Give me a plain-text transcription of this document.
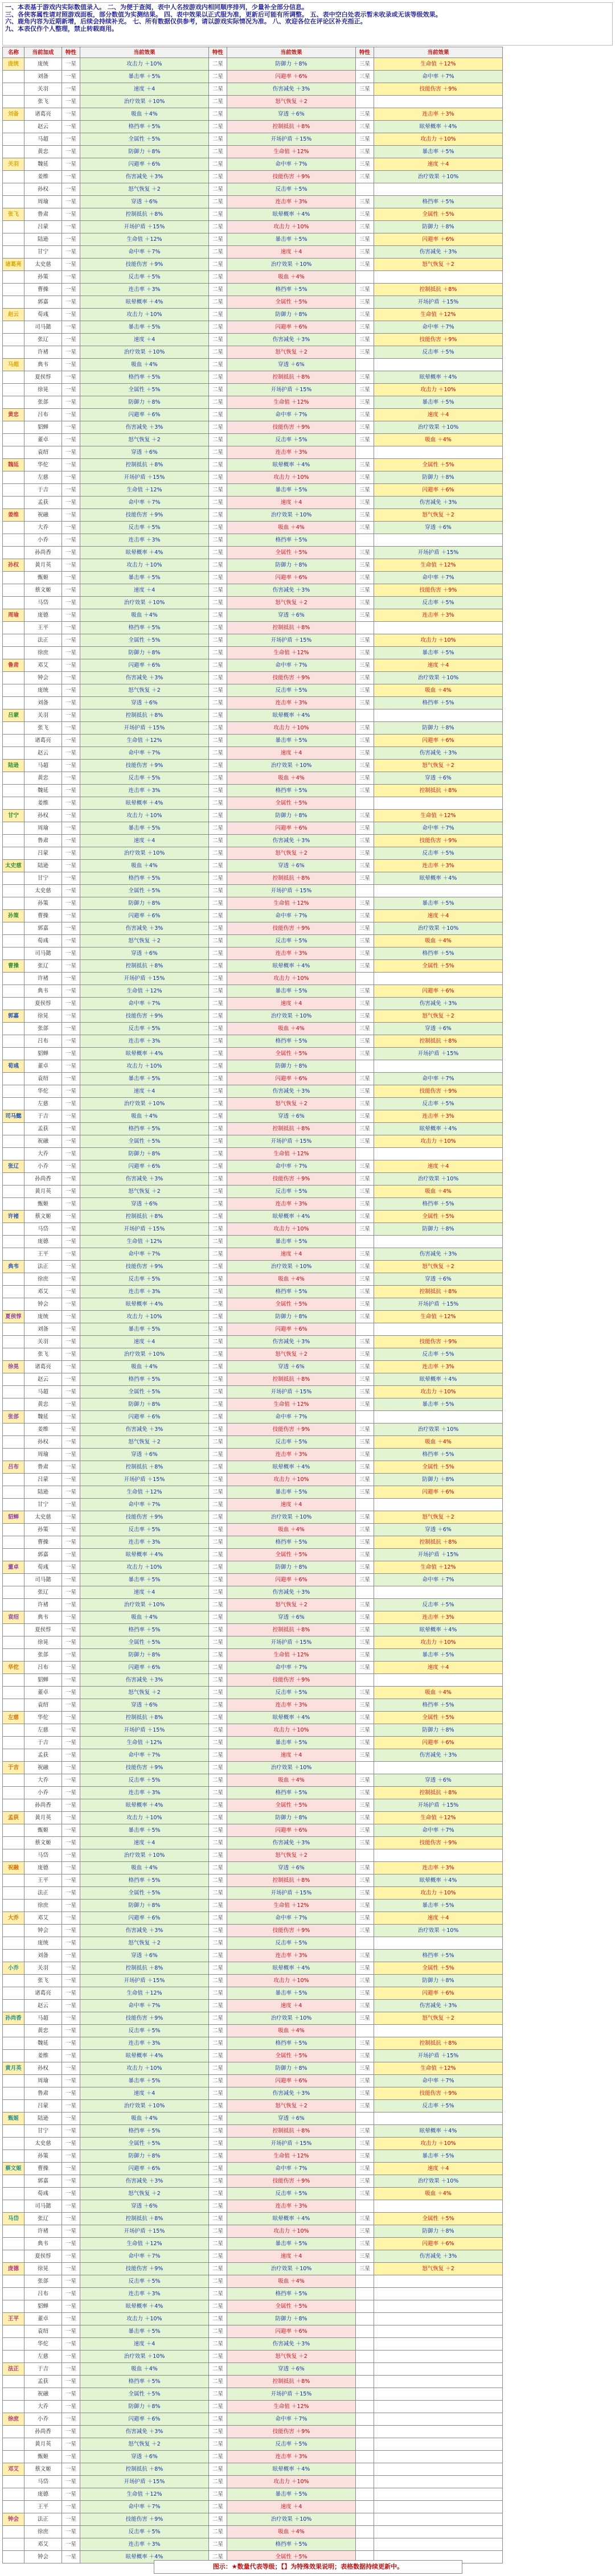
一、本表基于游戏内实际数值录入。 二、为便于查阅，表中人名按游戏内相同顺序排列，少量补全部分信息。
三、各侠客属性请对照游戏面板，部分数值为实测结果。 四、表中效果以正式服为准，更新后可能有所调整。 五、表中空白处表示暂未收录或无该等级效果。
六、鹿角内容为近期新增，后续会持续补充。 七、所有数据仅供参考，请以游戏实际情况为准。 八、欢迎各位在评论区补充指正。
九、本表仅作个人整理，禁止转载商用。
名称	当前加成	特性	当前效果	特性	当前效果	特性	当前效果	
庞统	庞统	一星	攻击力 ＋10%	二星	防御力 ＋8%	三星	生命值 ＋12%	
	刘备	一星	暴击率 ＋5%	二星	闪避率 ＋6%	三星	命中率 ＋7%	
	关羽	一星	速度 ＋4	二星	伤害减免 ＋3%	三星	技能伤害 ＋9%	
	张飞	一星	治疗效果 ＋10%	二星	怒气恢复 ＋2			
刘备	诸葛亮	一星	吸血 ＋4%	二星	穿透 ＋6%	三星	连击率 ＋3%	
	赵云	一星	格挡率 ＋5%	二星	控制抵抗 ＋8%	三星	眩晕概率 ＋4%	
	马超	一星	全属性 ＋5%	二星	开场护盾 ＋15%	三星	攻击力 ＋10%	
	黄忠	一星	防御力 ＋8%	二星	生命值 ＋12%	三星	暴击率 ＋5%	
关羽	魏延	一星	闪避率 ＋6%	二星	命中率 ＋7%	三星	速度 ＋4	
	姜维	一星	伤害减免 ＋3%	二星	技能伤害 ＋9%	三星	治疗效果 ＋10%	
	孙权	一星	怒气恢复 ＋2	二星	反击率 ＋5%			
	周瑜	一星	穿透 ＋6%	二星	连击率 ＋3%	三星	格挡率 ＋5%	
张飞	鲁肃	一星	控制抵抗 ＋8%	二星	眩晕概率 ＋4%	三星	全属性 ＋5%	
	吕蒙	一星	开场护盾 ＋15%	二星	攻击力 ＋10%	三星	防御力 ＋8%	
	陆逊	一星	生命值 ＋12%	二星	暴击率 ＋5%	三星	闪避率 ＋6%	
	甘宁	一星	命中率 ＋7%	二星	速度 ＋4	三星	伤害减免 ＋3%	
诸葛亮	太史慈	一星	技能伤害 ＋9%	二星	治疗效果 ＋10%	三星	怒气恢复 ＋2	
	孙策	一星	反击率 ＋5%	二星	吸血 ＋4%			
	曹操	一星	连击率 ＋3%	二星	格挡率 ＋5%	三星	控制抵抗 ＋8%	
	郭嘉	一星	眩晕概率 ＋4%	二星	全属性 ＋5%	三星	开场护盾 ＋15%	
赵云	荀彧	一星	攻击力 ＋10%	二星	防御力 ＋8%	三星	生命值 ＋12%	
	司马懿	一星	暴击率 ＋5%	二星	闪避率 ＋6%	三星	命中率 ＋7%	
	张辽	一星	速度 ＋4	二星	伤害减免 ＋3%	三星	技能伤害 ＋9%	
	许褚	一星	治疗效果 ＋10%	二星	怒气恢复 ＋2	三星	反击率 ＋5%	
马超	典韦	一星	吸血 ＋4%	二星	穿透 ＋6%			
	夏侯惇	一星	格挡率 ＋5%	二星	控制抵抗 ＋8%	三星	眩晕概率 ＋4%	
	徐晃	一星	全属性 ＋5%	二星	开场护盾 ＋15%	三星	攻击力 ＋10%	
	张郃	一星	防御力 ＋8%	二星	生命值 ＋12%	三星	暴击率 ＋5%	
黄忠	吕布	一星	闪避率 ＋6%	二星	命中率 ＋7%	三星	速度 ＋4	
	貂蝉	一星	伤害减免 ＋3%	二星	技能伤害 ＋9%	三星	治疗效果 ＋10%	
	董卓	一星	怒气恢复 ＋2	二星	反击率 ＋5%	三星	吸血 ＋4%	
	袁绍	一星	穿透 ＋6%	二星	连击率 ＋3%			
魏延	华佗	一星	控制抵抗 ＋8%	二星	眩晕概率 ＋4%	三星	全属性 ＋5%	
	左慈	一星	开场护盾 ＋15%	二星	攻击力 ＋10%	三星	防御力 ＋8%	
	于吉	一星	生命值 ＋12%	二星	暴击率 ＋5%	三星	闪避率 ＋6%	
	孟获	一星	命中率 ＋7%	二星	速度 ＋4	三星	伤害减免 ＋3%	
姜维	祝融	一星	技能伤害 ＋9%	二星	治疗效果 ＋10%	三星	怒气恢复 ＋2	
	大乔	一星	反击率 ＋5%	二星	吸血 ＋4%	三星	穿透 ＋6%	
	小乔	一星	连击率 ＋3%	二星	格挡率 ＋5%			
	孙尚香	一星	眩晕概率 ＋4%	二星	全属性 ＋5%	三星	开场护盾 ＋15%	
孙权	黄月英	一星	攻击力 ＋10%	二星	防御力 ＋8%	三星	生命值 ＋12%	
	甄姬	一星	暴击率 ＋5%	二星	闪避率 ＋6%	三星	命中率 ＋7%	
	蔡文姬	一星	速度 ＋4	二星	伤害减免 ＋3%	三星	技能伤害 ＋9%	
	马岱	一星	治疗效果 ＋10%	二星	怒气恢复 ＋2	三星	反击率 ＋5%	
周瑜	庞德	一星	吸血 ＋4%	二星	穿透 ＋6%	三星	连击率 ＋3%	
	王平	一星	格挡率 ＋5%	二星	控制抵抗 ＋8%			
	法正	一星	全属性 ＋5%	二星	开场护盾 ＋15%	三星	攻击力 ＋10%	
	徐庶	一星	防御力 ＋8%	二星	生命值 ＋12%	三星	暴击率 ＋5%	
鲁肃	邓艾	一星	闪避率 ＋6%	二星	命中率 ＋7%	三星	速度 ＋4	
	钟会	一星	伤害减免 ＋3%	二星	技能伤害 ＋9%	三星	治疗效果 ＋10%	
	庞统	一星	怒气恢复 ＋2	二星	反击率 ＋5%	三星	吸血 ＋4%	
	刘备	一星	穿透 ＋6%	二星	连击率 ＋3%	三星	格挡率 ＋5%	
吕蒙	关羽	一星	控制抵抗 ＋8%	二星	眩晕概率 ＋4%			
	张飞	一星	开场护盾 ＋15%	二星	攻击力 ＋10%	三星	防御力 ＋8%	
	诸葛亮	一星	生命值 ＋12%	二星	暴击率 ＋5%	三星	闪避率 ＋6%	
	赵云	一星	命中率 ＋7%	二星	速度 ＋4	三星	伤害减免 ＋3%	
陆逊	马超	一星	技能伤害 ＋9%	二星	治疗效果 ＋10%	三星	怒气恢复 ＋2	
	黄忠	一星	反击率 ＋5%	二星	吸血 ＋4%	三星	穿透 ＋6%	
	魏延	一星	连击率 ＋3%	二星	格挡率 ＋5%	三星	控制抵抗 ＋8%	
	姜维	一星	眩晕概率 ＋4%	二星	全属性 ＋5%			
甘宁	孙权	一星	攻击力 ＋10%	二星	防御力 ＋8%	三星	生命值 ＋12%	
	周瑜	一星	暴击率 ＋5%	二星	闪避率 ＋6%	三星	命中率 ＋7%	
	鲁肃	一星	速度 ＋4	二星	伤害减免 ＋3%	三星	技能伤害 ＋9%	
	吕蒙	一星	治疗效果 ＋10%	二星	怒气恢复 ＋2	三星	反击率 ＋5%	
太史慈	陆逊	一星	吸血 ＋4%	二星	穿透 ＋6%	三星	连击率 ＋3%	
	甘宁	一星	格挡率 ＋5%	二星	控制抵抗 ＋8%	三星	眩晕概率 ＋4%	
	太史慈	一星	全属性 ＋5%	二星	开场护盾 ＋15%			
	孙策	一星	防御力 ＋8%	二星	生命值 ＋12%	三星	暴击率 ＋5%	
孙策	曹操	一星	闪避率 ＋6%	二星	命中率 ＋7%	三星	速度 ＋4	
	郭嘉	一星	伤害减免 ＋3%	二星	技能伤害 ＋9%	三星	治疗效果 ＋10%	
	荀彧	一星	怒气恢复 ＋2	二星	反击率 ＋5%	三星	吸血 ＋4%	
	司马懿	一星	穿透 ＋6%	二星	连击率 ＋3%	三星	格挡率 ＋5%	
曹操	张辽	一星	控制抵抗 ＋8%	二星	眩晕概率 ＋4%	三星	全属性 ＋5%	
	许褚	一星	开场护盾 ＋15%	二星	攻击力 ＋10%			
	典韦	一星	生命值 ＋12%	二星	暴击率 ＋5%	三星	闪避率 ＋6%	
	夏侯惇	一星	命中率 ＋7%	二星	速度 ＋4	三星	伤害减免 ＋3%	
郭嘉	徐晃	一星	技能伤害 ＋9%	二星	治疗效果 ＋10%	三星	怒气恢复 ＋2	
	张郃	一星	反击率 ＋5%	二星	吸血 ＋4%	三星	穿透 ＋6%	
	吕布	一星	连击率 ＋3%	二星	格挡率 ＋5%	三星	控制抵抗 ＋8%	
	貂蝉	一星	眩晕概率 ＋4%	二星	全属性 ＋5%	三星	开场护盾 ＋15%	
荀彧	董卓	一星	攻击力 ＋10%	二星	防御力 ＋8%			
	袁绍	一星	暴击率 ＋5%	二星	闪避率 ＋6%	三星	命中率 ＋7%	
	华佗	一星	速度 ＋4	二星	伤害减免 ＋3%	三星	技能伤害 ＋9%	
	左慈	一星	治疗效果 ＋10%	二星	怒气恢复 ＋2	三星	反击率 ＋5%	
司马懿	于吉	一星	吸血 ＋4%	二星	穿透 ＋6%	三星	连击率 ＋3%	
	孟获	一星	格挡率 ＋5%	二星	控制抵抗 ＋8%	三星	眩晕概率 ＋4%	
	祝融	一星	全属性 ＋5%	二星	开场护盾 ＋15%	三星	攻击力 ＋10%	
	大乔	一星	防御力 ＋8%	二星	生命值 ＋12%			
张辽	小乔	一星	闪避率 ＋6%	二星	命中率 ＋7%	三星	速度 ＋4	
	孙尚香	一星	伤害减免 ＋3%	二星	技能伤害 ＋9%	三星	治疗效果 ＋10%	
	黄月英	一星	怒气恢复 ＋2	二星	反击率 ＋5%	三星	吸血 ＋4%	
	甄姬	一星	穿透 ＋6%	二星	连击率 ＋3%	三星	格挡率 ＋5%	
许褚	蔡文姬	一星	控制抵抗 ＋8%	二星	眩晕概率 ＋4%	三星	全属性 ＋5%	
	马岱	一星	开场护盾 ＋15%	二星	攻击力 ＋10%	三星	防御力 ＋8%	
	庞德	一星	生命值 ＋12%	二星	暴击率 ＋5%			
	王平	一星	命中率 ＋7%	二星	速度 ＋4	三星	伤害减免 ＋3%	
典韦	法正	一星	技能伤害 ＋9%	二星	治疗效果 ＋10%	三星	怒气恢复 ＋2	
	徐庶	一星	反击率 ＋5%	二星	吸血 ＋4%	三星	穿透 ＋6%	
	邓艾	一星	连击率 ＋3%	二星	格挡率 ＋5%	三星	控制抵抗 ＋8%	
	钟会	一星	眩晕概率 ＋4%	二星	全属性 ＋5%	三星	开场护盾 ＋15%	
夏侯惇	庞统	一星	攻击力 ＋10%	二星	防御力 ＋8%	三星	生命值 ＋12%	
	刘备	一星	暴击率 ＋5%	二星	闪避率 ＋6%			
	关羽	一星	速度 ＋4	二星	伤害减免 ＋3%	三星	技能伤害 ＋9%	
	张飞	一星	治疗效果 ＋10%	二星	怒气恢复 ＋2	三星	反击率 ＋5%	
徐晃	诸葛亮	一星	吸血 ＋4%	二星	穿透 ＋6%	三星	连击率 ＋3%	
	赵云	一星	格挡率 ＋5%	二星	控制抵抗 ＋8%	三星	眩晕概率 ＋4%	
	马超	一星	全属性 ＋5%	二星	开场护盾 ＋15%	三星	攻击力 ＋10%	
	黄忠	一星	防御力 ＋8%	二星	生命值 ＋12%	三星	暴击率 ＋5%	
张郃	魏延	一星	闪避率 ＋6%	二星	命中率 ＋7%			
	姜维	一星	伤害减免 ＋3%	二星	技能伤害 ＋9%	三星	治疗效果 ＋10%	
	孙权	一星	怒气恢复 ＋2	二星	反击率 ＋5%	三星	吸血 ＋4%	
	周瑜	一星	穿透 ＋6%	二星	连击率 ＋3%	三星	格挡率 ＋5%	
吕布	鲁肃	一星	控制抵抗 ＋8%	二星	眩晕概率 ＋4%	三星	全属性 ＋5%	
	吕蒙	一星	开场护盾 ＋15%	二星	攻击力 ＋10%	三星	防御力 ＋8%	
	陆逊	一星	生命值 ＋12%	二星	暴击率 ＋5%	三星	闪避率 ＋6%	
	甘宁	一星	命中率 ＋7%	二星	速度 ＋4			
貂蝉	太史慈	一星	技能伤害 ＋9%	二星	治疗效果 ＋10%	三星	怒气恢复 ＋2	
	孙策	一星	反击率 ＋5%	二星	吸血 ＋4%	三星	穿透 ＋6%	
	曹操	一星	连击率 ＋3%	二星	格挡率 ＋5%	三星	控制抵抗 ＋8%	
	郭嘉	一星	眩晕概率 ＋4%	二星	全属性 ＋5%	三星	开场护盾 ＋15%	
董卓	荀彧	一星	攻击力 ＋10%	二星	防御力 ＋8%	三星	生命值 ＋12%	
	司马懿	一星	暴击率 ＋5%	二星	闪避率 ＋6%	三星	命中率 ＋7%	
	张辽	一星	速度 ＋4	二星	伤害减免 ＋3%			
	许褚	一星	治疗效果 ＋10%	二星	怒气恢复 ＋2	三星	反击率 ＋5%	
袁绍	典韦	一星	吸血 ＋4%	二星	穿透 ＋6%	三星	连击率 ＋3%	
	夏侯惇	一星	格挡率 ＋5%	二星	控制抵抗 ＋8%	三星	眩晕概率 ＋4%	
	徐晃	一星	全属性 ＋5%	二星	开场护盾 ＋15%	三星	攻击力 ＋10%	
	张郃	一星	防御力 ＋8%	二星	生命值 ＋12%	三星	暴击率 ＋5%	
华佗	吕布	一星	闪避率 ＋6%	二星	命中率 ＋7%	三星	速度 ＋4	
	貂蝉	一星	伤害减免 ＋3%	二星	技能伤害 ＋9%			
	董卓	一星	怒气恢复 ＋2	二星	反击率 ＋5%	三星	吸血 ＋4%	
	袁绍	一星	穿透 ＋6%	二星	连击率 ＋3%	三星	格挡率 ＋5%	
左慈	华佗	一星	控制抵抗 ＋8%	二星	眩晕概率 ＋4%	三星	全属性 ＋5%	
	左慈	一星	开场护盾 ＋15%	二星	攻击力 ＋10%	三星	防御力 ＋8%	
	于吉	一星	生命值 ＋12%	二星	暴击率 ＋5%	三星	闪避率 ＋6%	
	孟获	一星	命中率 ＋7%	二星	速度 ＋4	三星	伤害减免 ＋3%	
于吉	祝融	一星	技能伤害 ＋9%	二星	治疗效果 ＋10%			
	大乔	一星	反击率 ＋5%	二星	吸血 ＋4%	三星	穿透 ＋6%	
	小乔	一星	连击率 ＋3%	二星	格挡率 ＋5%	三星	控制抵抗 ＋8%	
	孙尚香	一星	眩晕概率 ＋4%	二星	全属性 ＋5%	三星	开场护盾 ＋15%	
孟获	黄月英	一星	攻击力 ＋10%	二星	防御力 ＋8%	三星	生命值 ＋12%	
	甄姬	一星	暴击率 ＋5%	二星	闪避率 ＋6%	三星	命中率 ＋7%	
	蔡文姬	一星	速度 ＋4	二星	伤害减免 ＋3%	三星	技能伤害 ＋9%	
	马岱	一星	治疗效果 ＋10%	二星	怒气恢复 ＋2			
祝融	庞德	一星	吸血 ＋4%	二星	穿透 ＋6%	三星	连击率 ＋3%	
	王平	一星	格挡率 ＋5%	二星	控制抵抗 ＋8%	三星	眩晕概率 ＋4%	
	法正	一星	全属性 ＋5%	二星	开场护盾 ＋15%	三星	攻击力 ＋10%	
	徐庶	一星	防御力 ＋8%	二星	生命值 ＋12%	三星	暴击率 ＋5%	
大乔	邓艾	一星	闪避率 ＋6%	二星	命中率 ＋7%	三星	速度 ＋4	
	钟会	一星	伤害减免 ＋3%	二星	技能伤害 ＋9%	三星	治疗效果 ＋10%	
	庞统	一星	怒气恢复 ＋2	二星	反击率 ＋5%			
	刘备	一星	穿透 ＋6%	二星	连击率 ＋3%	三星	格挡率 ＋5%	
小乔	关羽	一星	控制抵抗 ＋8%	二星	眩晕概率 ＋4%	三星	全属性 ＋5%	
	张飞	一星	开场护盾 ＋15%	二星	攻击力 ＋10%	三星	防御力 ＋8%	
	诸葛亮	一星	生命值 ＋12%	二星	暴击率 ＋5%	三星	闪避率 ＋6%	
	赵云	一星	命中率 ＋7%	二星	速度 ＋4	三星	伤害减免 ＋3%	
孙尚香	马超	一星	技能伤害 ＋9%	二星	治疗效果 ＋10%	三星	怒气恢复 ＋2	
	黄忠	一星	反击率 ＋5%	二星	吸血 ＋4%			
	魏延	一星	连击率 ＋3%	二星	格挡率 ＋5%	三星	控制抵抗 ＋8%	
	姜维	一星	眩晕概率 ＋4%	二星	全属性 ＋5%	三星	开场护盾 ＋15%	
黄月英	孙权	一星	攻击力 ＋10%	二星	防御力 ＋8%	三星	生命值 ＋12%	
	周瑜	一星	暴击率 ＋5%	二星	闪避率 ＋6%	三星	命中率 ＋7%	
	鲁肃	一星	速度 ＋4	二星	伤害减免 ＋3%	三星	技能伤害 ＋9%	
	吕蒙	一星	治疗效果 ＋10%	二星	怒气恢复 ＋2	三星	反击率 ＋5%	
甄姬	陆逊	一星	吸血 ＋4%	二星	穿透 ＋6%			
	甘宁	一星	格挡率 ＋5%	二星	控制抵抗 ＋8%	三星	眩晕概率 ＋4%	
	太史慈	一星	全属性 ＋5%	二星	开场护盾 ＋15%	三星	攻击力 ＋10%	
	孙策	一星	防御力 ＋8%	二星	生命值 ＋12%	三星	暴击率 ＋5%	
蔡文姬	曹操	一星	闪避率 ＋6%	二星	命中率 ＋7%	三星	速度 ＋4	
	郭嘉	一星	伤害减免 ＋3%	二星	技能伤害 ＋9%	三星	治疗效果 ＋10%	
	荀彧	一星	怒气恢复 ＋2	二星	反击率 ＋5%	三星	吸血 ＋4%	
	司马懿	一星	穿透 ＋6%	二星	连击率 ＋3%			
马岱	张辽	一星	控制抵抗 ＋8%	二星	眩晕概率 ＋4%	三星	全属性 ＋5%	
	许褚	一星	开场护盾 ＋15%	二星	攻击力 ＋10%	三星	防御力 ＋8%	
	典韦	一星	生命值 ＋12%	二星	暴击率 ＋5%	三星	闪避率 ＋6%	
	夏侯惇	一星	命中率 ＋7%	二星	速度 ＋4	三星	伤害减免 ＋3%	
庞德	徐晃	一星	技能伤害 ＋9%	二星	治疗效果 ＋10%	三星	怒气恢复 ＋2	
	张郃	一星	反击率 ＋5%	二星	吸血 ＋4%			
	吕布	一星	连击率 ＋3%	二星	格挡率 ＋5%			
	貂蝉	一星	眩晕概率 ＋4%	二星	全属性 ＋5%			
王平	董卓	一星	攻击力 ＋10%	二星	防御力 ＋8%			
	袁绍	一星	暴击率 ＋5%	二星	闪避率 ＋6%			
	华佗	一星	速度 ＋4	二星	伤害减免 ＋3%			
	左慈	一星	治疗效果 ＋10%	二星	怒气恢复 ＋2			
法正	于吉	一星	吸血 ＋4%	二星	穿透 ＋6%			
	孟获	一星	格挡率 ＋5%	二星	控制抵抗 ＋8%			
	祝融	一星	全属性 ＋5%	二星	开场护盾 ＋15%			
	大乔	一星	防御力 ＋8%	二星	生命值 ＋12%			
徐庶	小乔	一星	闪避率 ＋6%	二星	命中率 ＋7%			
	孙尚香	一星	伤害减免 ＋3%	二星	技能伤害 ＋9%			
	黄月英	一星	怒气恢复 ＋2	二星	反击率 ＋5%			
	甄姬	一星	穿透 ＋6%	二星	连击率 ＋3%			
邓艾	蔡文姬	一星	控制抵抗 ＋8%	二星	眩晕概率 ＋4%			
	马岱	一星	开场护盾 ＋15%	二星	攻击力 ＋10%			
	庞德	一星	生命值 ＋12%	二星	暴击率 ＋5%			
	王平	一星	命中率 ＋7%	二星	速度 ＋4			
钟会	法正	一星	技能伤害 ＋9%	二星	治疗效果 ＋10%			
	徐庶	一星	反击率 ＋5%	二星	吸血 ＋4%			
	邓艾	一星	连击率 ＋3%	二星	格挡率 ＋5%			
	钟会	一星	眩晕概率 ＋4%	二星	全属性 ＋5%			
图示：★数量代表等级；【】为特殊效果说明；表格数据持续更新中。
